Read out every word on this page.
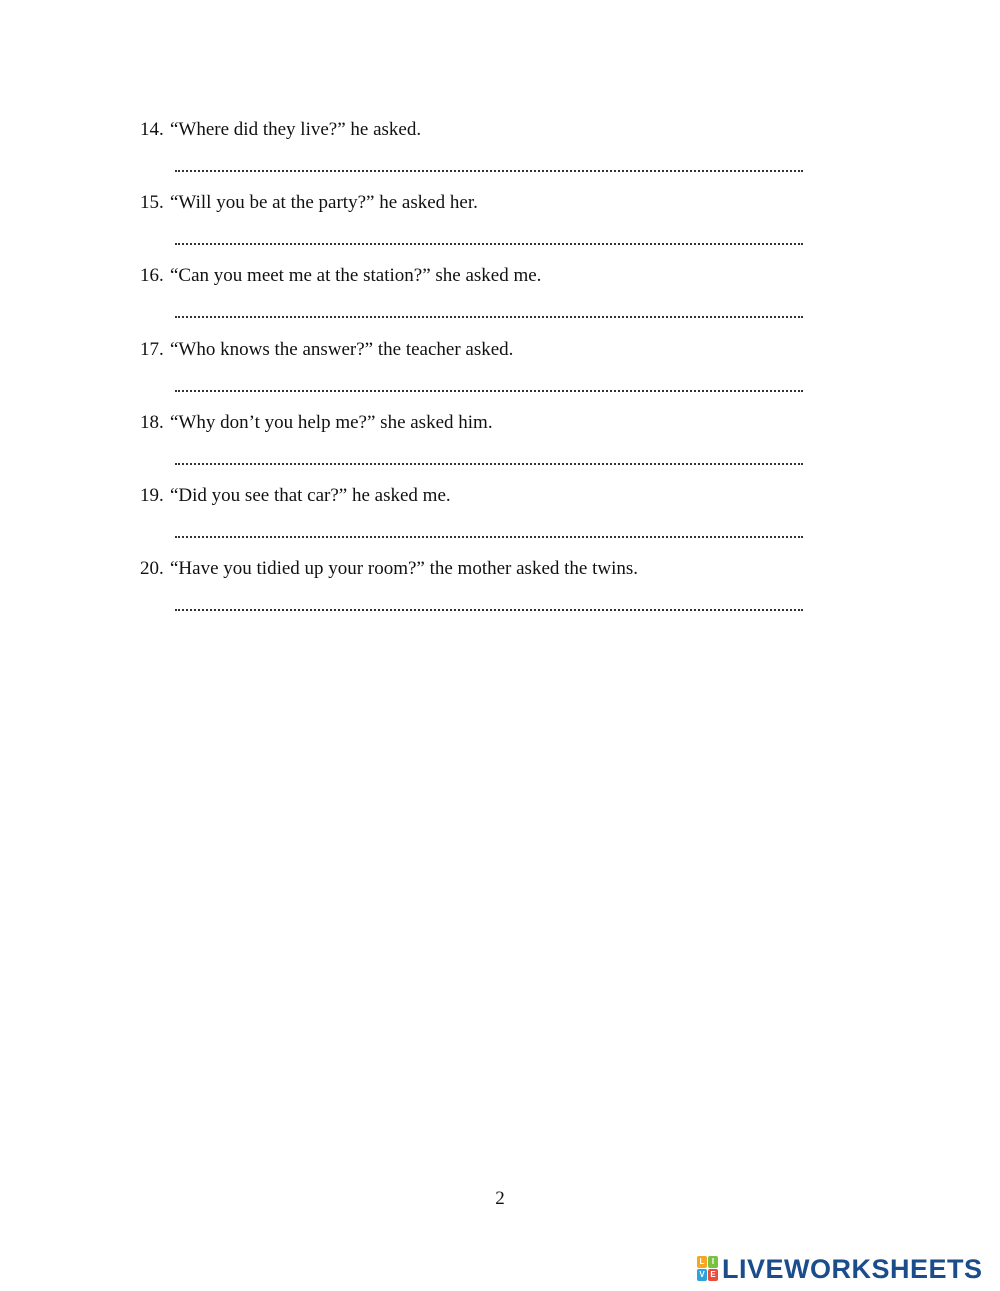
14. “Where did they live?” he asked.
15. “Will you be at the party?” he asked her.
16. “Can you meet me at the station?” she asked me.
17. “Who knows the answer?” the teacher asked.
18. “Why don’t you help me?” she asked him.
19. “Did you see that car?” he asked me.
20. “Have you tidied up your room?” the mother asked the twins.
2
L I
V E LIVEWORKSHEETS
